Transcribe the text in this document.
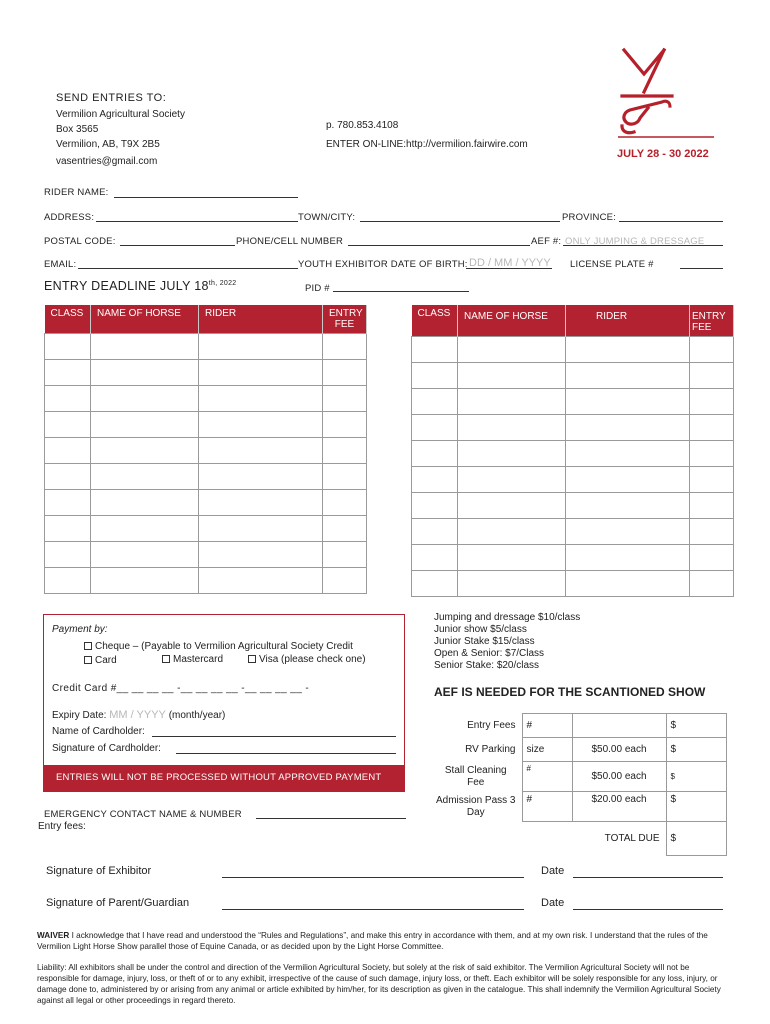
SEND ENTRIES TO:
Vermilion Agricultural Society
Box 3565
Vermilion, AB, T9X 2B5
vasentries@gmail.com
p. 780.853.4108
ENTER ON-LINE:http://vermilion.fairwire.com
JULY 28 - 30 2022
RIDER NAME:
ADDRESS:	TOWN/CITY:	PROVINCE:
POSTAL CODE:	PHONE/CELL NUMBER	AEF #: ONLY JUMPING & DRESSAGE
EMAIL:	YOUTH EXHIBITOR DATE OF BIRTH: DD / MM / YYYY LICENSE PLATE #
ENTRY DEADLINE JULY $18^{th, 2022}$	PID #
CLASS	NAME OF HORSE	RIDER	ENTRY FEE

CLASS	NAME OF HORSE	RIDER	ENTRY FEE

Payment by:
Cheque – (Payable to Vermilion Agricultural Society Credit
Card	Mastercard	Visa (please check one)
Credit Card #__ __ __ __ -__ __ __ __ -__ __ __ __ -
Expiry Date: MM / YYYY (month/year)
Name of Cardholder:
Signature of Cardholder:
ENTRIES WILL NOT BE PROCESSED WITHOUT APPROVED PAYMENT
Jumping and dressage $10/class
Junior show $5/class
Junior Stake $15/class
Open & Senior: $7/Class
Senior Stake: $20/class
AEF IS NEEDED FOR THE SCANTIONED SHOW
Entry Fees	#		$
RV Parking	size	$50.00 each	$
Stall Cleaning Fee	#	$50.00 each	$
Admission Pass 3 Day	#	$20.00 each	$
		TOTAL DUE	$
EMERGENCY CONTACT NAME & NUMBER
Entry fees:
Signature of Exhibitor	Date
Signature of Parent/Guardian	Date
WAIVER I acknowledge that I have read and understood the “Rules and Regulations”, and make this entry in accordance with them, and at my own risk. I understand that the rules of the Vermilion Light Horse Show parallel those of Equine Canada, or as decided upon by the Light Horse Committee.
Liability: All exhibitors shall be under the control and direction of the Vermilion Agricultural Society, but solely at the risk of said exhibitor. The Vermilion Agricultural Society will not be responsible for damage, injury, loss, or theft of or to any exhibit, irrespective of the cause of such damage, injury loss, or theft. Each exhibitor will be solely responsible for any loss, injury, or damage done to, administered by or arising from any animal or article exhibited by him/her, for its description as given in the catalogue. This shall indemnify the Vermilion Agricultural Society against all legal or other proceedings in regard thereto.
